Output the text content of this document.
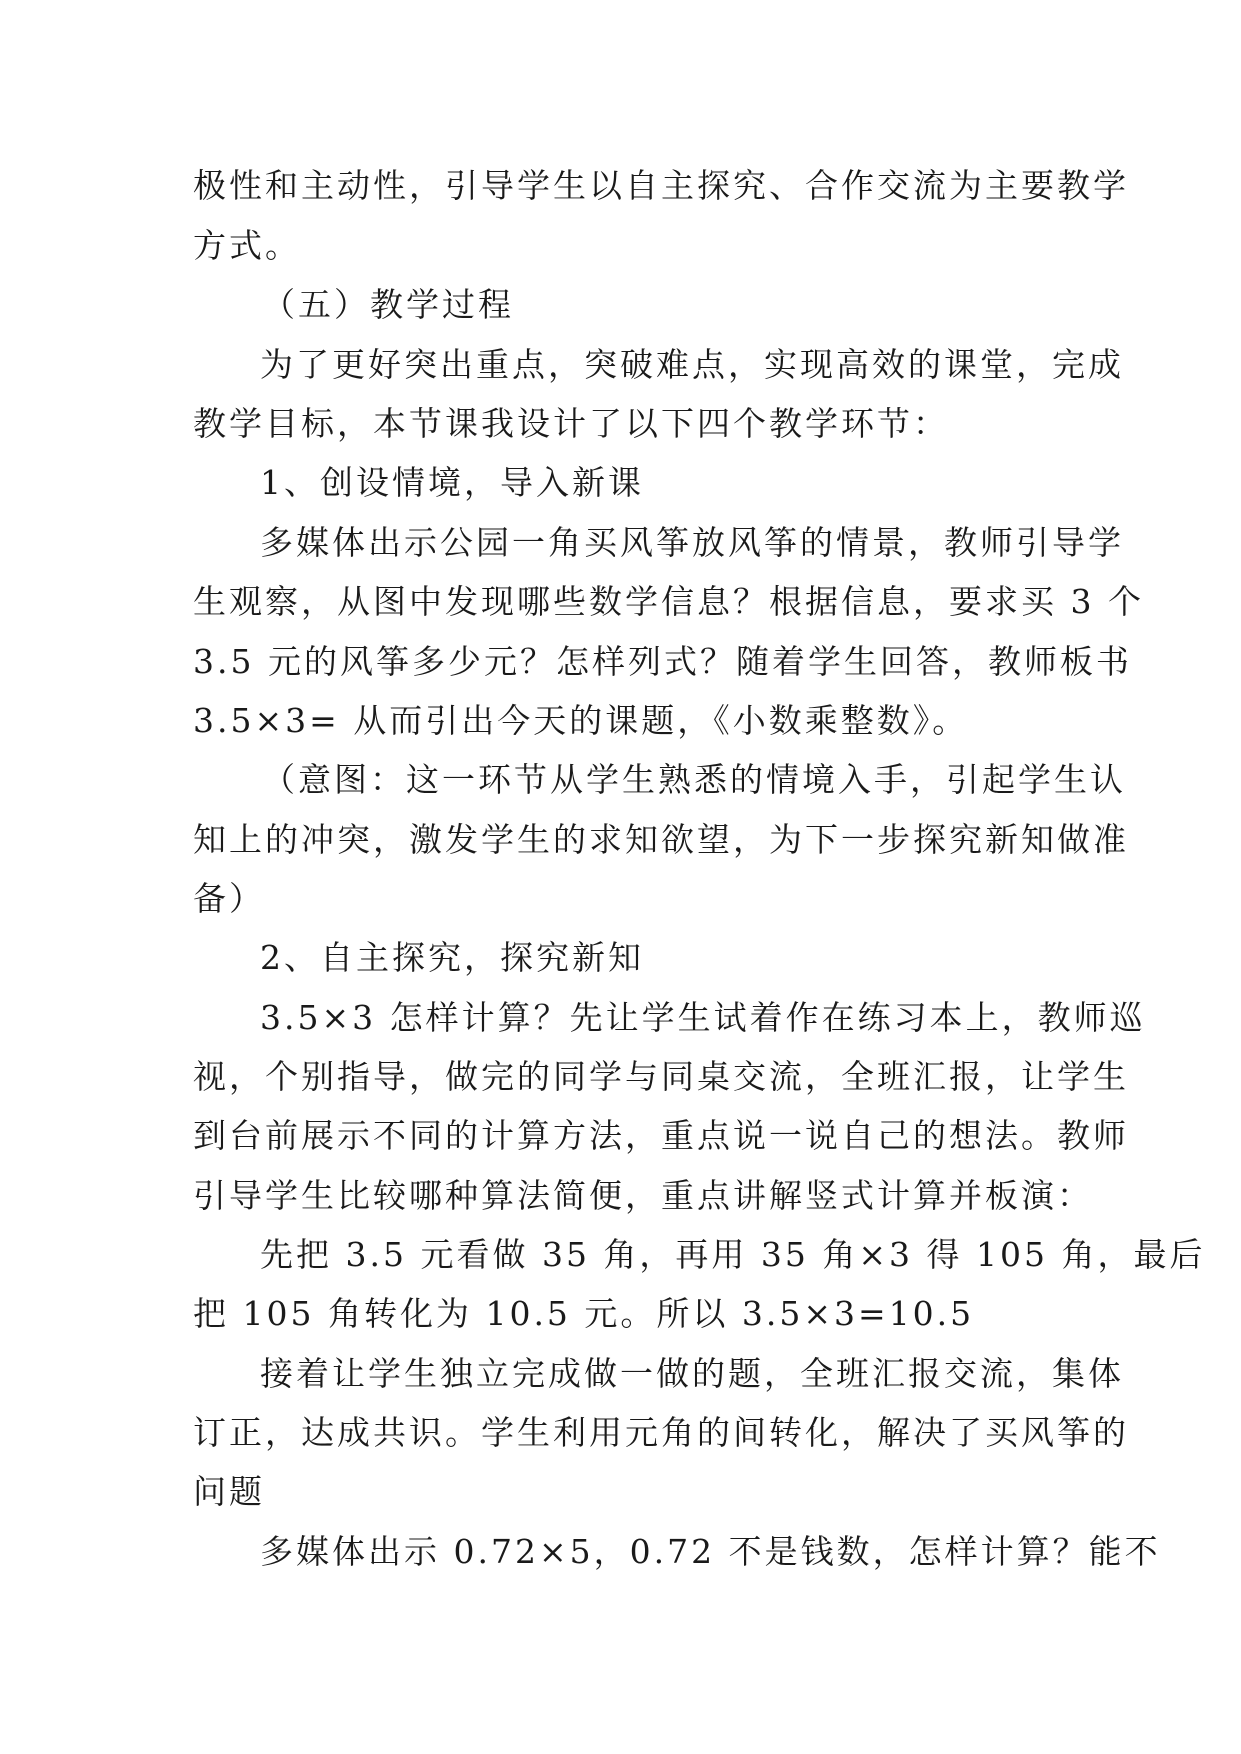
极性和主动性，引导学生以自主探究、合作交流为主要教学
方式。
（五）教学过程
为了更好突出重点，突破难点，实现高效的课堂，完成
教学目标，本节课我设计了以下四个教学环节：
1、创设情境，导入新课
多媒体出示公园一角买风筝放风筝的情景，教师引导学
生观察，从图中发现哪些数学信息？根据信息，要求买 3 个
3.5 元的风筝多少元？怎样列式？随着学生回答，教师板书
3.5×3= 从而引出今天的课题，《小数乘整数》。
（意图：这一环节从学生熟悉的情境入手，引起学生认
知上的冲突，激发学生的求知欲望，为下一步探究新知做准
备）
2、自主探究，探究新知
3.5×3 怎样计算？先让学生试着作在练习本上，教师巡
视，个别指导，做完的同学与同桌交流，全班汇报，让学生
到台前展示不同的计算方法，重点说一说自己的想法。教师
引导学生比较哪种算法简便，重点讲解竖式计算并板演：
先把 3.5 元看做 35 角，再用 35 角×3 得 105 角，最后
把 105 角转化为 10.5 元。所以 3.5×3=10.5
接着让学生独立完成做一做的题，全班汇报交流，集体
订正，达成共识。学生利用元角的间转化，解决了买风筝的
问题
多媒体出示 0.72×5，0.72 不是钱数，怎样计算？能不
